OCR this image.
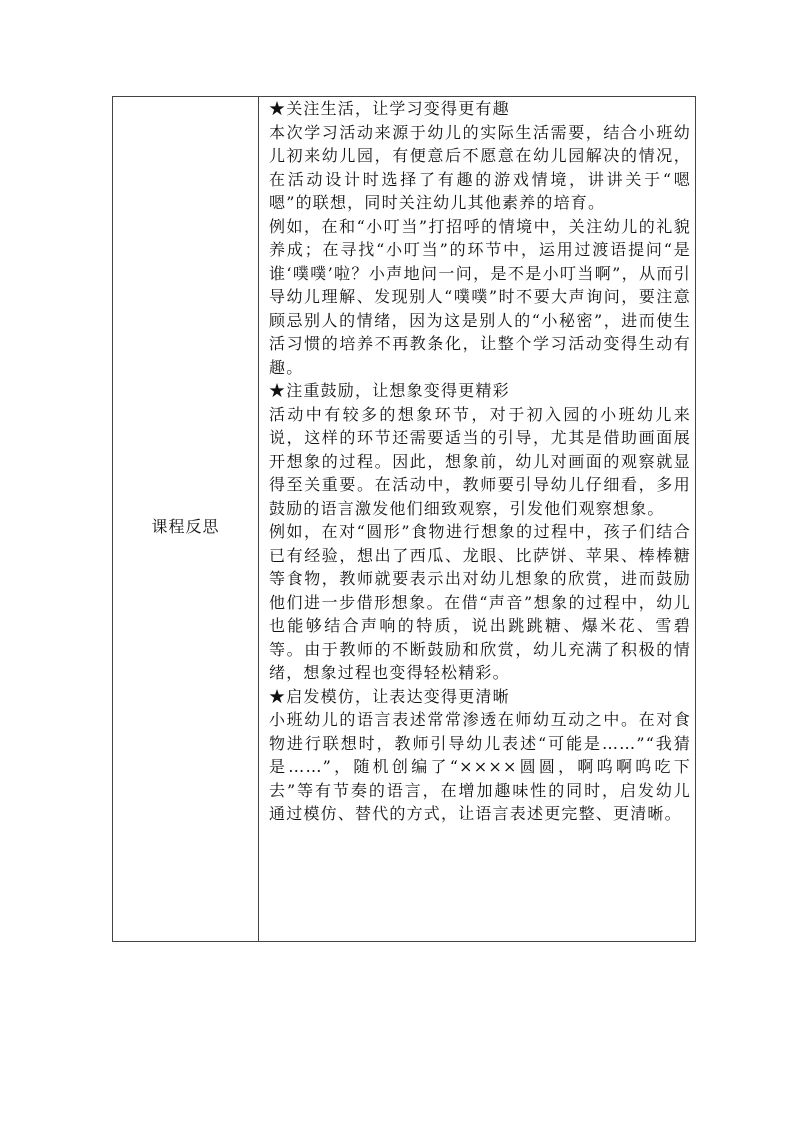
课程反思

★关注生活，让学习变得更有趣

本次学习活动来源于幼儿的实际生活需要，结合小班幼儿初来幼儿园，有便意后不愿意在幼儿园解决的情况，在活动设计时选择了有趣的游戏情境，讲讲关于“嗯嗯”的联想，同时关注幼儿其他素养的培育。

例如，在和“小叮当”打招呼的情境中，关注幼儿的礼貌养成；在寻找“小叮当”的环节中，运用过渡语提问“是谁‘噗噗’啦？小声地问一问，是不是小叮当啊”，从而引导幼儿理解、发现别人“噗噗”时不要大声询问，要注意顾忌别人的情绪，因为这是别人的“小秘密”，进而使生活习惯的培养不再教条化，让整个学习活动变得生动有趣。

★注重鼓励，让想象变得更精彩

活动中有较多的想象环节，对于初入园的小班幼儿来说，这样的环节还需要适当的引导，尤其是借助画面展开想象的过程。因此，想象前，幼儿对画面的观察就显得至关重要。在活动中，教师要引导幼儿仔细看，多用鼓励的语言激发他们细致观察，引发他们观察想象。

例如，在对“圆形”食物进行想象的过程中，孩子们结合已有经验，想出了西瓜、龙眼、比萨饼、苹果、棒棒糖等食物，教师就要表示出对幼儿想象的欣赏，进而鼓励他们进一步借形想象。在借“声音”想象的过程中，幼儿也能够结合声响的特质，说出跳跳糖、爆米花、雪碧等。由于教师的不断鼓励和欣赏，幼儿充满了积极的情绪，想象过程也变得轻松精彩。

★启发模仿，让表达变得更清晰

小班幼儿的语言表述常常渗透在师幼互动之中。在对食物进行联想时，教师引导幼儿表述“可能是……”“我猜是……”，随机创编了“××××圆圆，啊呜啊呜吃下去”等有节奏的语言，在增加趣味性的同时，启发幼儿通过模仿、替代的方式，让语言表述更完整、更清晰。
